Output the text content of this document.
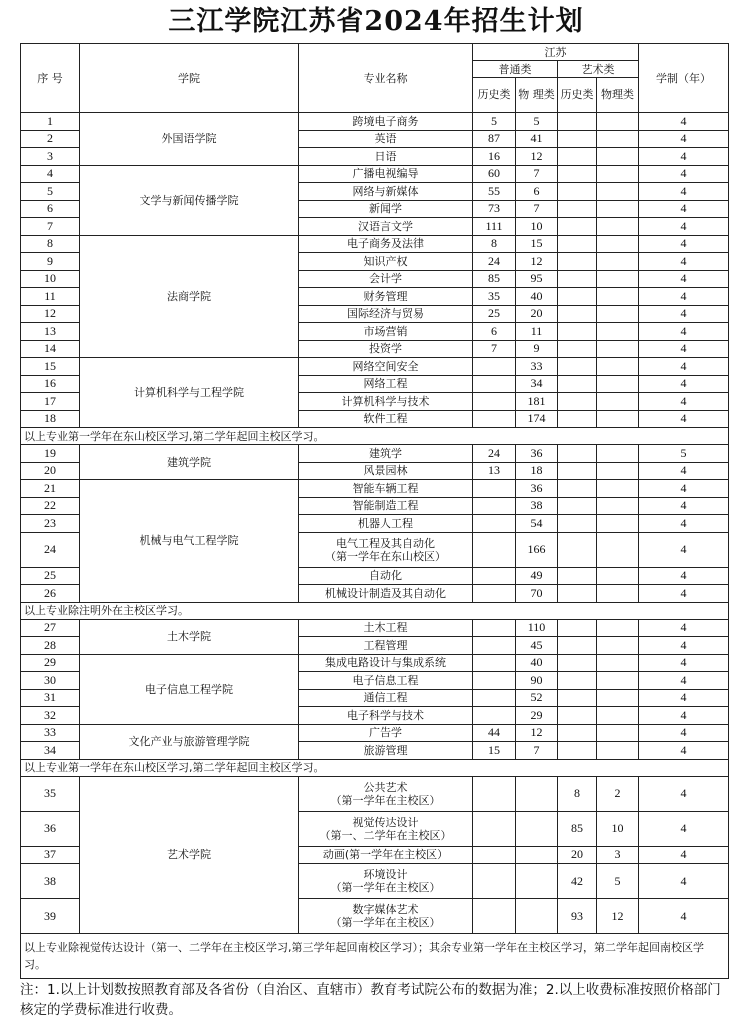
三江学院江苏省2024年招生计划
序 号	学院	专业名称	江苏				学制（年）
			普通类		艺术类		
			历史类	物 理类	历史类	物理类	

1	外国语学院	跨境电子商务	5	5			4
2		英语	87	41			4
3		日语	16	12			4
4	文学与新闻传播学院	广播电视编导	60	7			4
5		网络与新媒体	55	6			4
6		新闻学	73	7			4
7		汉语言文学	111	10			4
8	法商学院	电子商务及法律	8	15			4
9		知识产权	24	12			4
10		会计学	85	95			4
11		财务管理	35	40			4
12		国际经济与贸易	25	20			4
13		市场营销	6	11			4
14		投资学	7	9			4
15	计算机科学与工程学院	网络空间安全		33			4
16		网络工程		34			4
17		计算机科学与技术		181			4
18		软件工程		174			4
以上专业第一学年在东山校区学习,第二学年起回主校区学习。							
19	建筑学院	建筑学	24	36			5
20		风景园林	13	18			4
21	机械与电气工程学院	智能车辆工程		36			4
22		智能制造工程		38			4
23		机器人工程		54			4
24		电气工程及其自动化
（第一学年在东山校区）		166			4
25		自动化		49			4
26		机械设计制造及其自动化		70			4
以上专业除注明外在主校区学习。							
27	土木学院	土木工程		110			4
28		工程管理		45			4
29	电子信息工程学院	集成电路设计与集成系统		40			4
30		电子信息工程		90			4
31		通信工程		52			4
32		电子科学与技术		29			4
33	文化产业与旅游管理学院	广告学	44	12			4
34		旅游管理	15	7			4
以上专业第一学年在东山校区学习,第二学年起回主校区学习。							
35	艺术学院	公共艺术
（第一学年在主校区）			8	2	4
36		视觉传达设计
（第一、二学年在主校区）			85	10	4
37		动画(第一学年在主校区）			20	3	4
38		环境设计
（第一学年在主校区）			42	5	4
39		数字媒体艺术
（第一学年在主校区）			93	12	4
以上专业除视觉传达设计（第一、二学年在主校区学习,第三学年起回南校区学习）；其余专业第一学年在主校区学习，第二学年起回南校区学习。							
注：1.以上计划数按照教育部及各省份（自治区、直辖市）教育考试院公布的数据为准；2.以上收费标准按照价格部门核定的学费标准进行收费。
